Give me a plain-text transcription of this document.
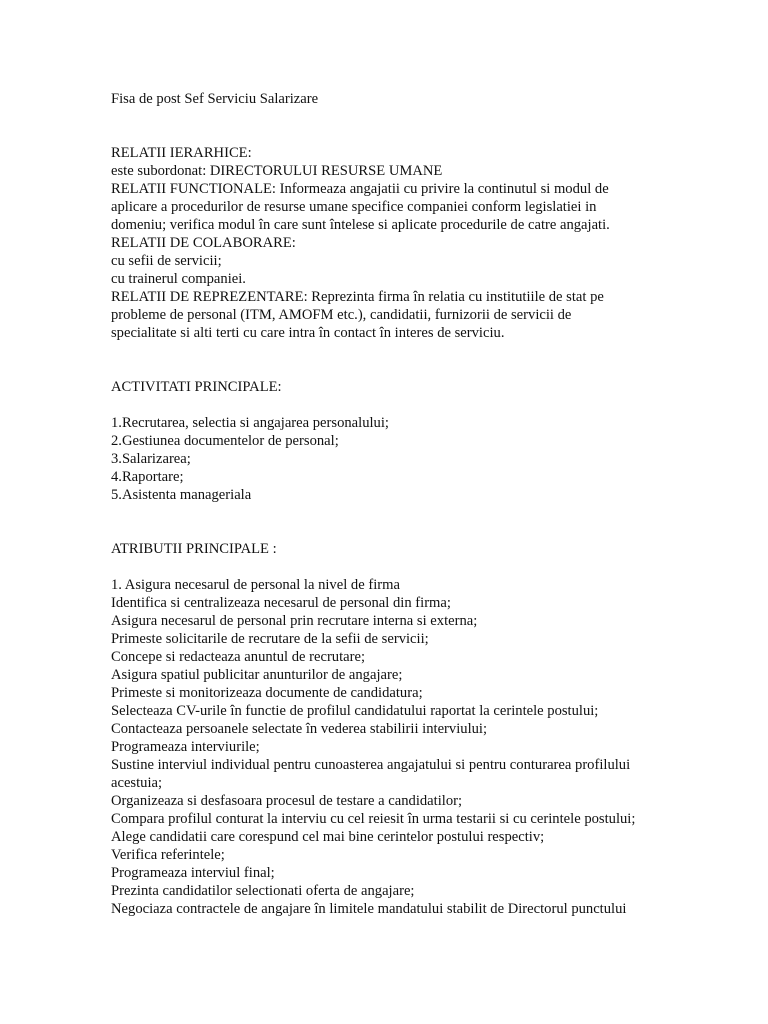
Fisa de post Sef Serviciu Salarizare
RELATII IERARHICE:
este subordonat: DIRECTORULUI RESURSE UMANE
RELATII FUNCTIONALE: Informeaza angajatii cu privire la continutul si modul de
aplicare a procedurilor de resurse umane specifice companiei conform legislatiei in
domeniu; verifica modul în care sunt întelese si aplicate procedurile de catre angajati.
RELATII DE COLABORARE:
cu sefii de servicii;
cu trainerul companiei.
RELATII DE REPREZENTARE: Reprezinta firma în relatia cu institutiile de stat pe
probleme de personal (ITM, AMOFM etc.), candidatii, furnizorii de servicii de
specialitate si alti terti cu care intra în contact în interes de serviciu.
ACTIVITATI PRINCIPALE:
1.Recrutarea, selectia si angajarea personalului;
2.Gestiunea documentelor de personal;
3.Salarizarea;
4.Raportare;
5.Asistenta manageriala
ATRIBUTII PRINCIPALE :
1. Asigura necesarul de personal la nivel de firma
Identifica si centralizeaza necesarul de personal din firma;
Asigura necesarul de personal prin recrutare interna si externa;
Primeste solicitarile de recrutare de la sefii de servicii;
Concepe si redacteaza anuntul de recrutare;
Asigura spatiul publicitar anunturilor de angajare;
Primeste si monitorizeaza documente de candidatura;
Selecteaza CV-urile în functie de profilul candidatului raportat la cerintele postului;
Contacteaza persoanele selectate în vederea stabilirii interviului;
Programeaza interviurile;
Sustine interviul individual pentru cunoasterea angajatului si pentru conturarea profilului
acestuia;
Organizeaza si desfasoara procesul de testare a candidatilor;
Compara profilul conturat la interviu cu cel reiesit în urma testarii si cu cerintele postului;
Alege candidatii care corespund cel mai bine cerintelor postului respectiv;
Verifica referintele;
Programeaza interviul final;
Prezinta candidatilor selectionati oferta de angajare;
Negociaza contractele de angajare în limitele mandatului stabilit de Directorul punctului
